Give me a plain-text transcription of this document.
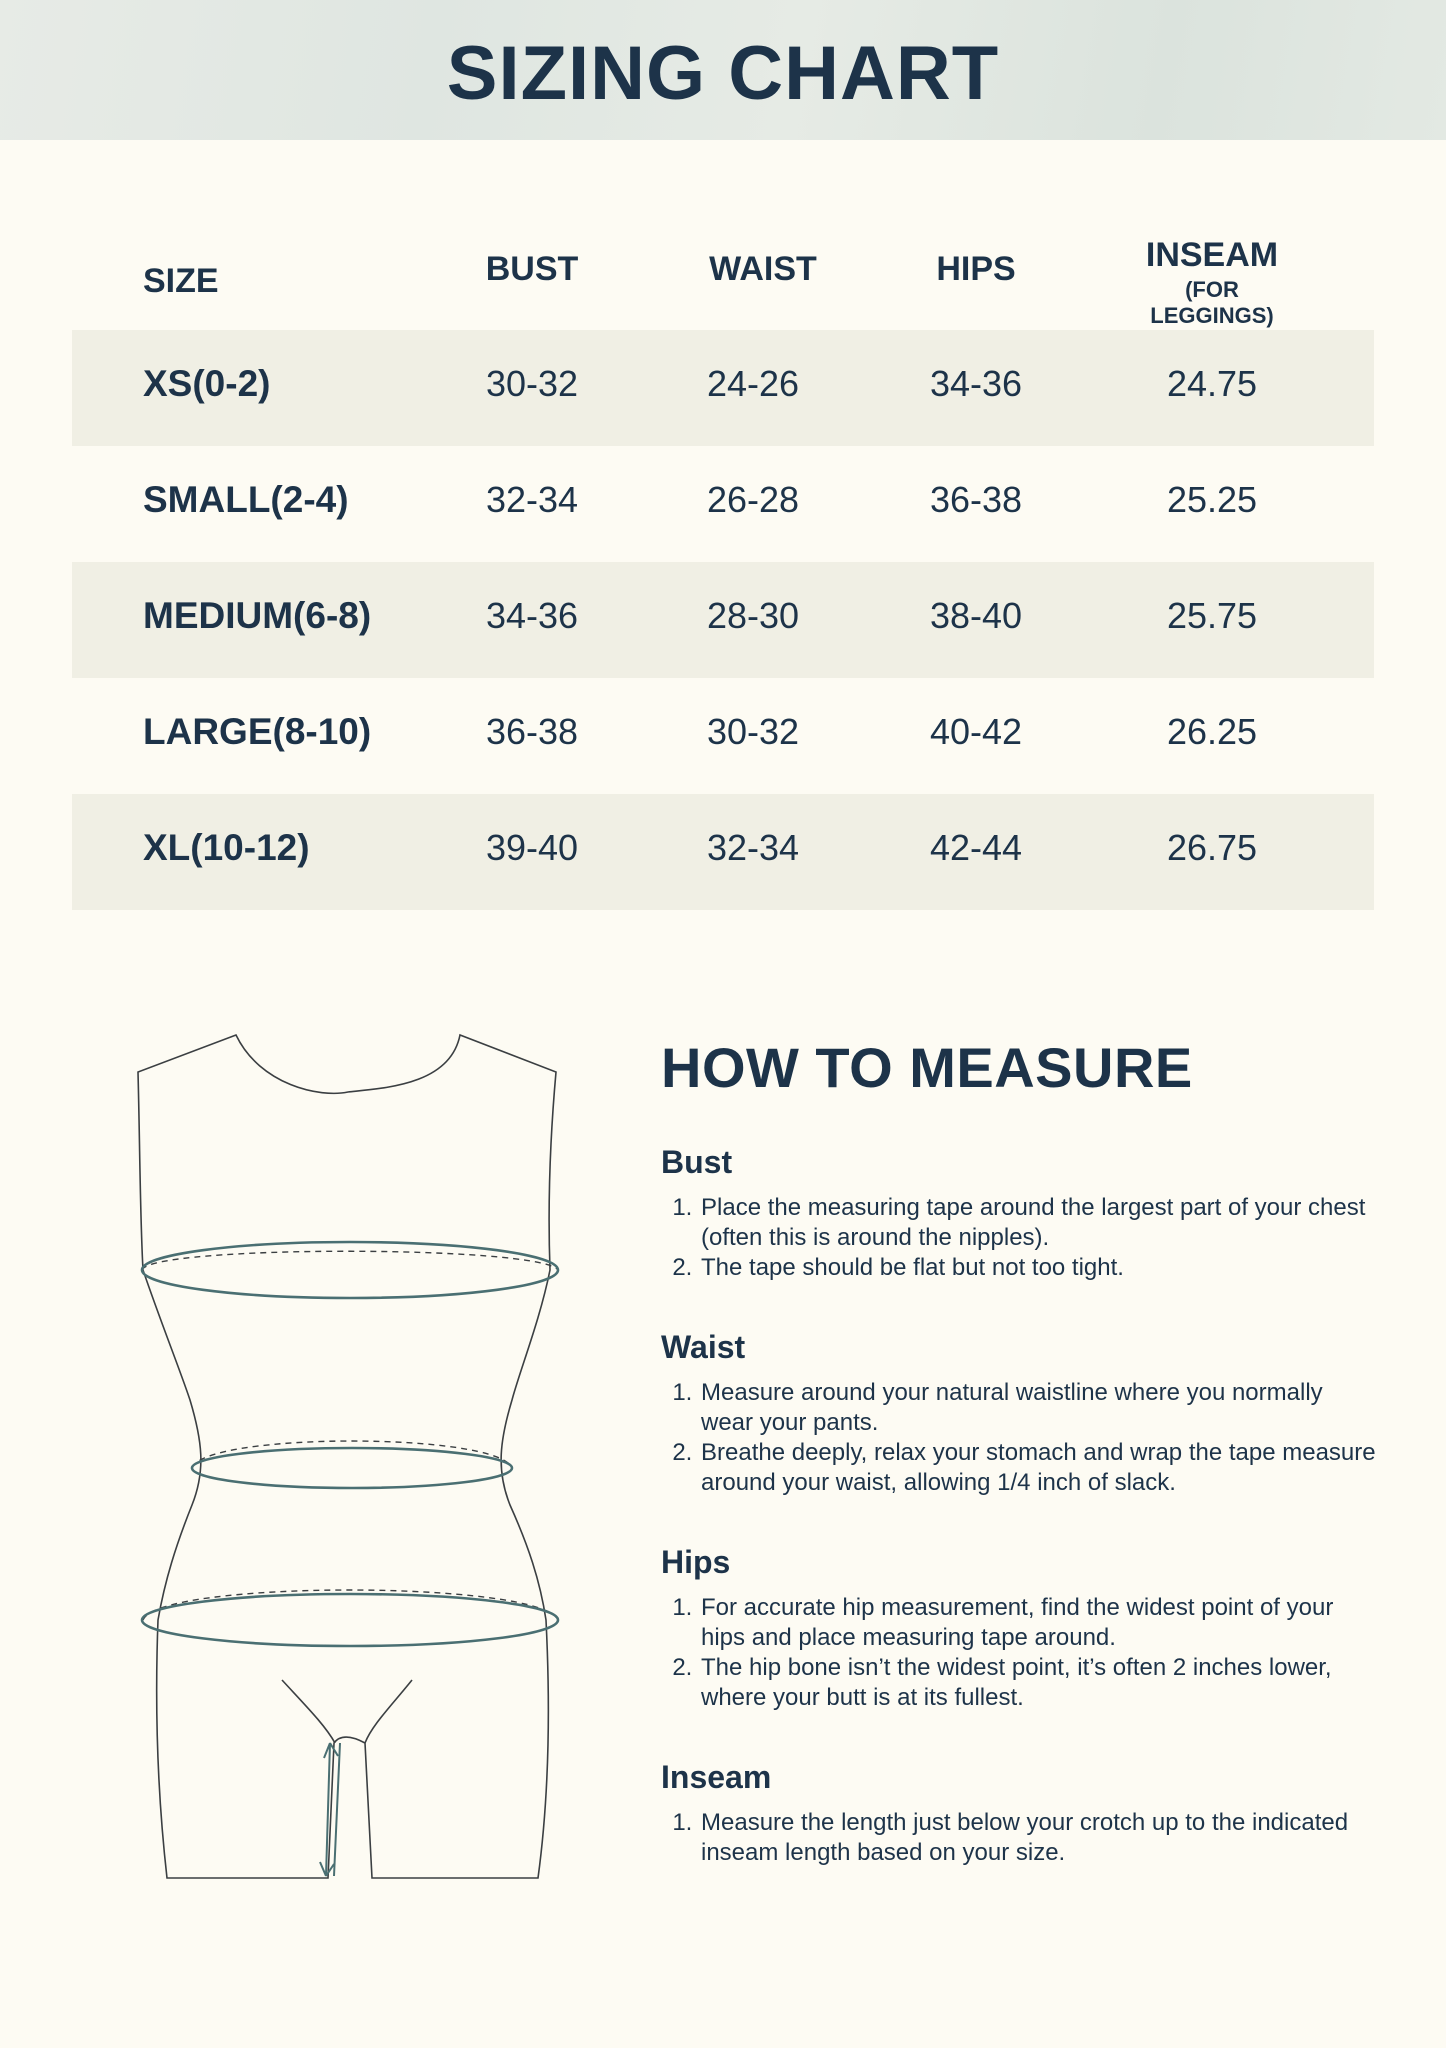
SIZING CHART
SIZE	BUST	WAIST	HIPS	INSEAM
(FOR LEGGINGS)
XS(0-2)	30-32	24-26	34-36	24.75
SMALL(2-4)	32-34	26-28	36-38	25.25
MEDIUM(6-8)	34-36	28-30	38-40	25.75
LARGE(8-10)	36-38	30-32	40-42	26.25
XL(10-12)	39-40	32-34	42-44	26.75
HOW TO MEASURE
Bust
1. Place the measuring tape around the largest part of your chest (often this is around the nipples).
2. The tape should be flat but not too tight.
Waist
1. Measure around your natural waistline where you normally wear your pants.
2. Breathe deeply, relax your stomach and wrap the tape measure around your waist, allowing 1/4 inch of slack.
Hips
1. For accurate hip measurement, find the widest point of your hips and place measuring tape around.
2. The hip bone isn’t the widest point, it’s often 2 inches lower, where your butt is at its fullest.
Inseam
1. Measure the length just below your crotch up to the indicated inseam length based on your size.
